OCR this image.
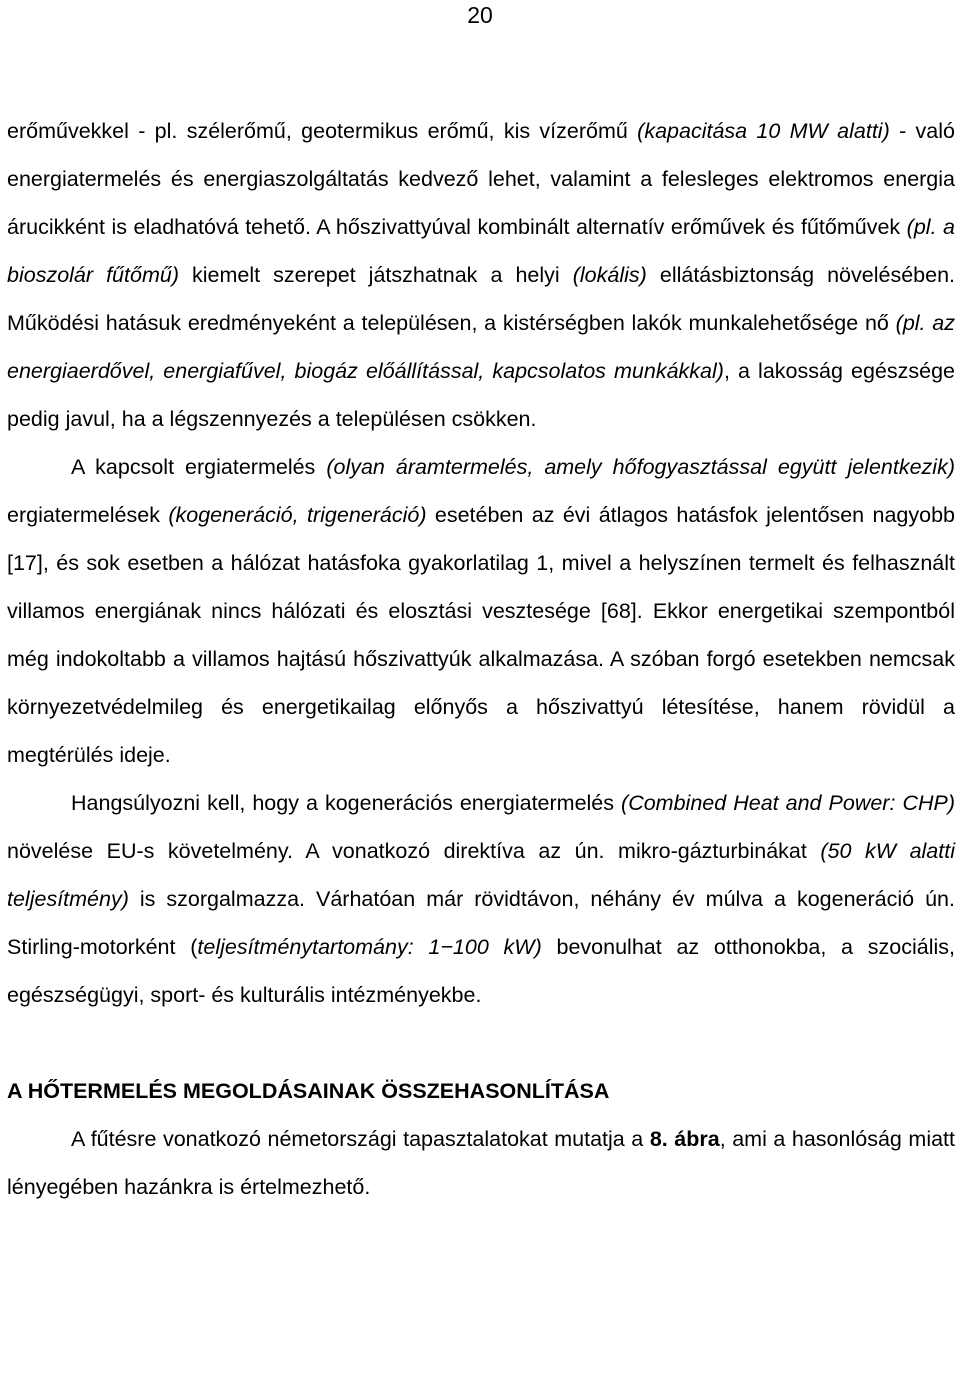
20

erőművekkel - pl. szélerőmű, geotermikus erőmű, kis vízerőmű (kapacitása 10 MW alatti) - való energiatermelés és energiaszolgáltatás kedvező lehet, valamint a felesleges elektromos energia árucikként is eladhatóvá tehető. A hőszivattyúval kombinált alternatív erőművek és fűtőművek (pl. a bioszolár fűtőmű) kiemelt szerepet játszhatnak a helyi (lokális) ellátásbiztonság növelésében. Működési hatásuk eredményeként a településen, a kistérségben lakók munkalehetősége nő (pl. az energiaerdővel, energiafűvel, biogáz előállítással, kapcsolatos munkákkal), a lakosság egészsége pedig javul, ha a légszennyezés a településen csökken.

A kapcsolt ergiatermelés (olyan áramtermelés, amely hőfogyasztással együtt jelentkezik) ergiatermelések (kogeneráció, trigeneráció) esetében az évi átlagos hatásfok jelentősen nagyobb [17], és sok esetben a hálózat hatásfoka gyakorlatilag 1, mivel a helyszínen termelt és felhasznált villamos energiának nincs hálózati és elosztási vesztesége [68]. Ekkor energetikai szempontból még indokoltabb a villamos hajtású hőszivattyúk alkalmazása. A szóban forgó esetekben nemcsak környezetvédelmileg és energetikailag előnyős a hőszivattyú létesítése, hanem rövidül a megtérülés ideje.

Hangsúlyozni kell, hogy a kogenerációs energiatermelés (Combined Heat and Power: CHP) növelése EU-s követelmény. A vonatkozó direktíva az ún. mikro-gázturbinákat (50 kW alatti teljesítmény) is szorgalmazza. Várhatóan már rövidtávon, néhány év múlva a kogeneráció ún. Stirling-motorként (teljesítménytartomány: 1−100 kW) bevonulhat az otthonokba, a szociális, egészségügyi, sport- és kulturális intézményekbe.

A HŐTERMELÉS MEGOLDÁSAINAK ÖSSZEHASONLÍTÁSA

A fűtésre vonatkozó németországi tapasztalatokat mutatja a 8. ábra, ami a hasonlóság miatt lényegében hazánkra is értelmezhető.
